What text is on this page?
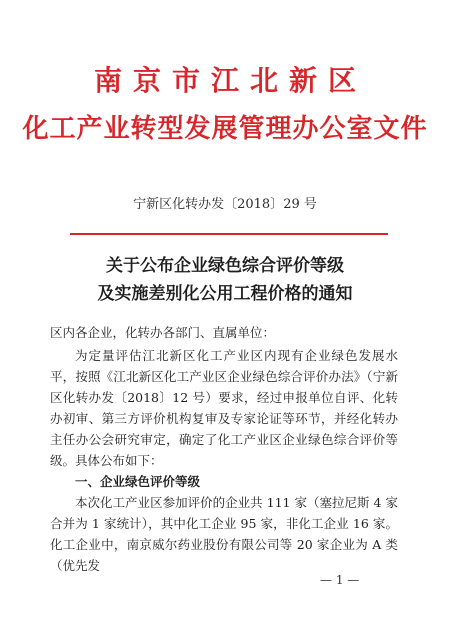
南京市江北新区
化工产业转型发展管理办公室文件
宁新区化转办发〔2018〕29 号
关于公布企业绿色综合评价等级
及实施差别化公用工程价格的通知
区内各企业，化转办各部门、直属单位：
为定量评估江北新区化工产业区内现有企业绿色发展水平，按照《江北新区化工产业区企业绿色综合评价办法》（宁新区化转办发〔2018〕12 号）要求，经过申报单位自评、化转办初审、第三方评价机构复审及专家论证等环节，并经化转办主任办公会研究审定，确定了化工产业区企业绿色综合评价等级。具体公布如下：
一、企业绿色评价等级
本次化工产业区参加评价的企业共 111 家（塞拉尼斯 4 家合并为 1 家统计），其中化工企业 95 家，非化工企业 16 家。化工企业中，南京威尔药业股份有限公司等 20 家企业为 A 类（优先发
— 1 —
